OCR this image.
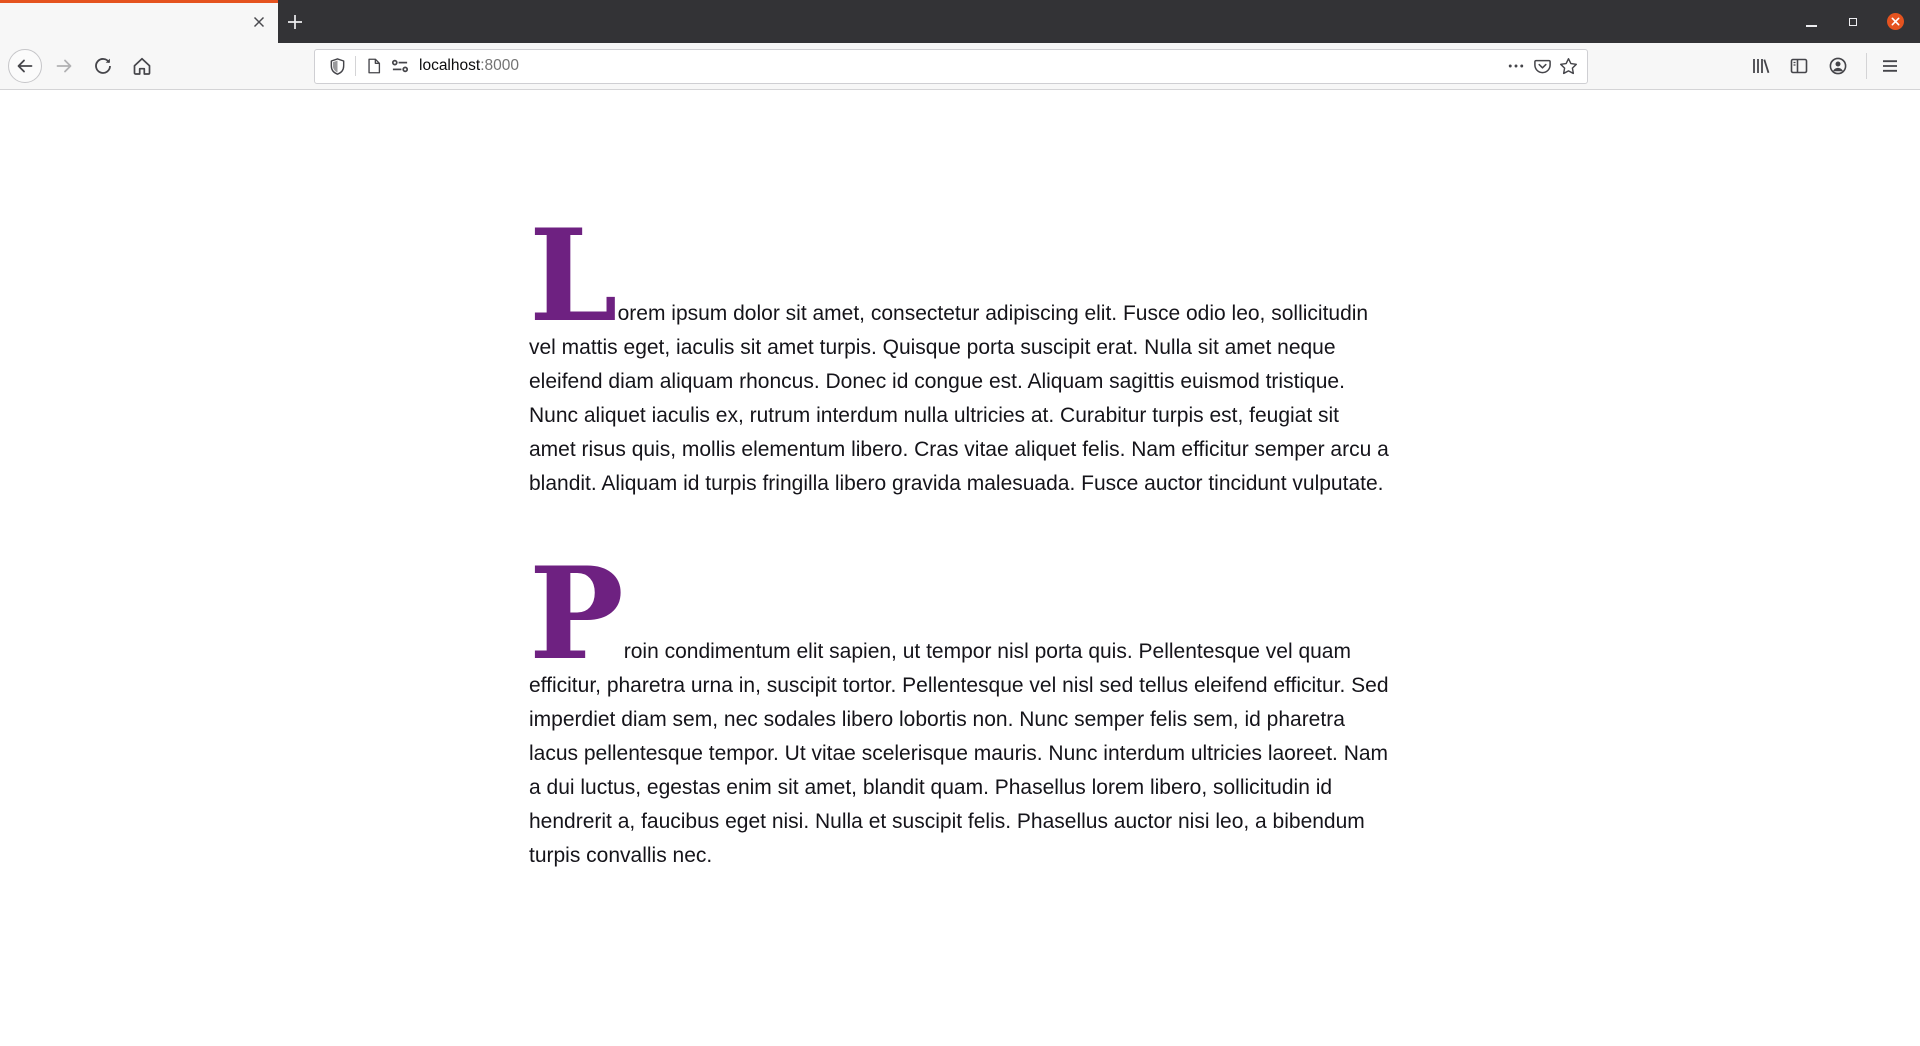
localhost:8000

Lorem ipsum dolor sit amet, consectetur adipiscing elit. Fusce odio leo, sollicitudin vel mattis eget, iaculis sit amet turpis. Quisque porta suscipit erat. Nulla sit amet neque eleifend diam aliquam rhoncus. Donec id congue est. Aliquam sagittis euismod tristique. Nunc aliquet iaculis ex, rutrum interdum nulla ultricies at. Curabitur turpis est, feugiat sit amet risus quis, mollis elementum libero. Cras vitae aliquet felis. Nam efficitur semper arcu a blandit. Aliquam id turpis fringilla libero gravida malesuada. Fusce auctor tincidunt vulputate.

Proin condimentum elit sapien, ut tempor nisl porta quis. Pellentesque vel quam efficitur, pharetra urna in, suscipit tortor. Pellentesque vel nisl sed tellus eleifend efficitur. Sed imperdiet diam sem, nec sodales libero lobortis non. Nunc semper felis sem, id pharetra lacus pellentesque tempor. Ut vitae scelerisque mauris. Nunc interdum ultricies laoreet. Nam a dui luctus, egestas enim sit amet, blandit quam. Phasellus lorem libero, sollicitudin id hendrerit a, faucibus eget nisi. Nulla et suscipit felis. Phasellus auctor nisi leo, a bibendum turpis convallis nec.
